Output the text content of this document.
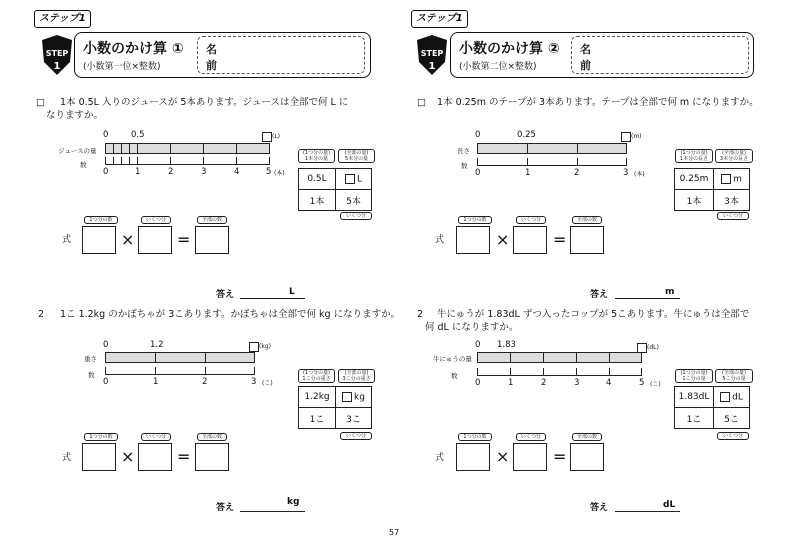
ステップ1
STEP
1
小数のかけ算 ①
(小数第一位×整数)
名
前
□ 1本 0.5L 入りのジュースが 5本あります。ジュースは全部で何 L に
なりますか。
0	0.5	(L)
ジュースの量
数
0	1	2	3	4	5 (本)
(1つ分の量)
1本分の量
(全部の量)
5本分の量
0.5L	L
1本	5本
いくつ分
1つ分の数	いくつ分	全部の数
式	×	=
答え	L
2 1こ 1.2kg のかぼちゃが 3こあります。かぼちゃは全部で何 kg になりますか。
0	1.2	(kg)
重さ
数
0	1	2	3 (こ)
(1つ分の量)
1こ分の重さ
(全部の量)
3こ分の重さ
1.2kg	kg
1こ	3こ
いくつ分
1つ分の数	いくつ分	全部の数
式	×	=
答え
kg
ステップ1
STEP
1
小数のかけ算 ②
(小数第二位×整数)
名
前
□ 1本 0.25m のテープが 3本あります。テープは全部で何 m になりますか。
0	0.25	(m)
長さ
数
0	1	2	3 (本)
(1つ分の量)
1本分の長さ
(全部の量)
3本分の長さ
0.25m	m
1本	3本
いくつ分
1つ分の数	いくつ分	全部の数
式	×	=
答え	m
2 牛にゅうが 1.83dL ずつ入ったコップが 5こあります。牛にゅうは全部で
何 dL になりますか。
0 1.83	(dL)
牛にゅうの量
数
0	1	2	3	4	5 (こ)
(1つ分の量)
1こ分の量
(全部の量)
5こ分の量
1.83dL	dL
1こ	5こ
いくつ分
1つ分の数	いくつ分	全部の数
式	×	=
答え	dL
57
